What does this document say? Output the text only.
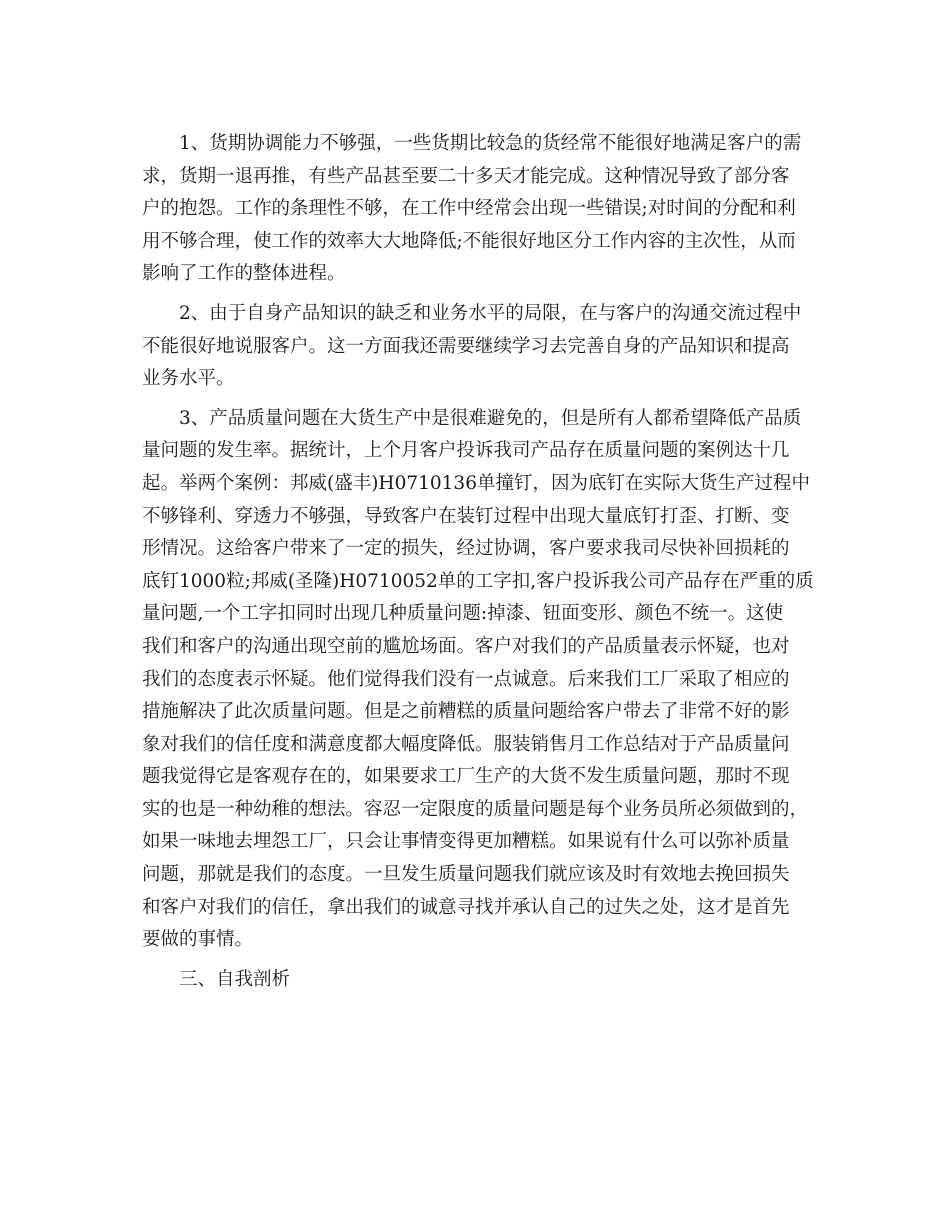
1、货期协调能力不够强，一些货期比较急的货经常不能很好地满足客户的需
求，货期一退再推，有些产品甚至要二十多天才能完成。这种情况导致了部分客
户的抱怨。工作的条理性不够，在工作中经常会出现一些错误;对时间的分配和利
用不够合理，使工作的效率大大地降低;不能很好地区分工作内容的主次性，从而
影响了工作的整体进程。

2、由于自身产品知识的缺乏和业务水平的局限，在与客户的沟通交流过程中
不能很好地说服客户。这一方面我还需要继续学习去完善自身的产品知识和提高
业务水平。

3、产品质量问题在大货生产中是很难避免的，但是所有人都希望降低产品质
量问题的发生率。据统计，上个月客户投诉我司产品存在质量问题的案例达十几
起。举两个案例：邦威(盛丰)H0710136单撞钉，因为底钉在实际大货生产过程中
不够锋利、穿透力不够强，导致客户在装钉过程中出现大量底钉打歪、打断、变
形情况。这给客户带来了一定的损失，经过协调，客户要求我司尽快补回损耗的
底钉1000粒;邦威(圣隆)H0710052单的工字扣,客户投诉我公司产品存在严重的质
量问题,一个工字扣同时出现几种质量问题:掉漆、钮面变形、颜色不统一。这使
我们和客户的沟通出现空前的尴尬场面。客户对我们的产品质量表示怀疑，也对
我们的态度表示怀疑。他们觉得我们没有一点诚意。后来我们工厂采取了相应的
措施解决了此次质量问题。但是之前糟糕的质量问题给客户带去了非常不好的影
象对我们的信任度和满意度都大幅度降低。服装销售月工作总结对于产品质量问
题我觉得它是客观存在的，如果要求工厂生产的大货不发生质量问题，那时不现
实的也是一种幼稚的想法。容忍一定限度的质量问题是每个业务员所必须做到的，
如果一味地去埋怨工厂，只会让事情变得更加糟糕。如果说有什么可以弥补质量
问题，那就是我们的态度。一旦发生质量问题我们就应该及时有效地去挽回损失
和客户对我们的信任，拿出我们的诚意寻找并承认自己的过失之处，这才是首先
要做的事情。

三、自我剖析
